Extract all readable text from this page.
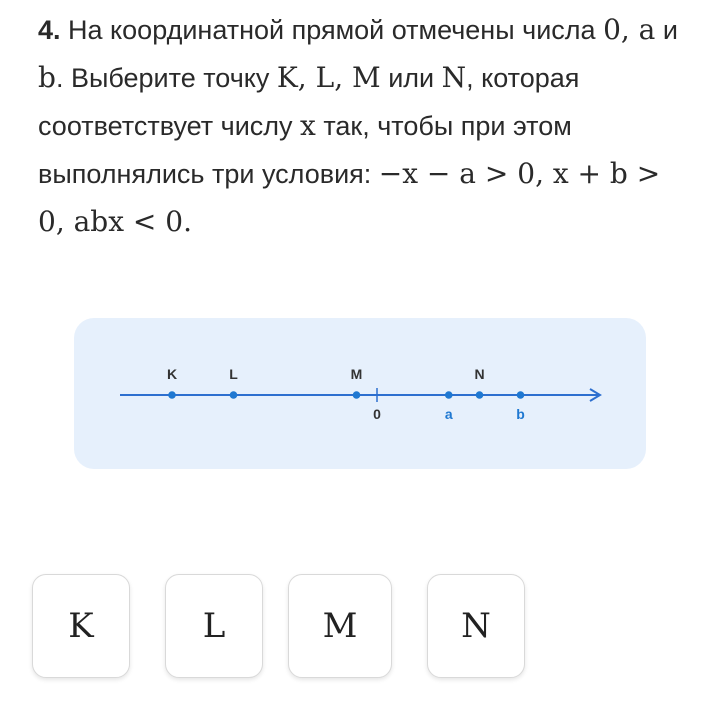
4. На координатной прямой отмечены числа 0, a и b. Выберите точку K, L, M или N, которая соответствует числу x так, чтобы при этом выполнялись три условия: −x − a > 0, x + b > 0, abx < 0.
K	L	M	N
0	a	b
K	L	M	N
